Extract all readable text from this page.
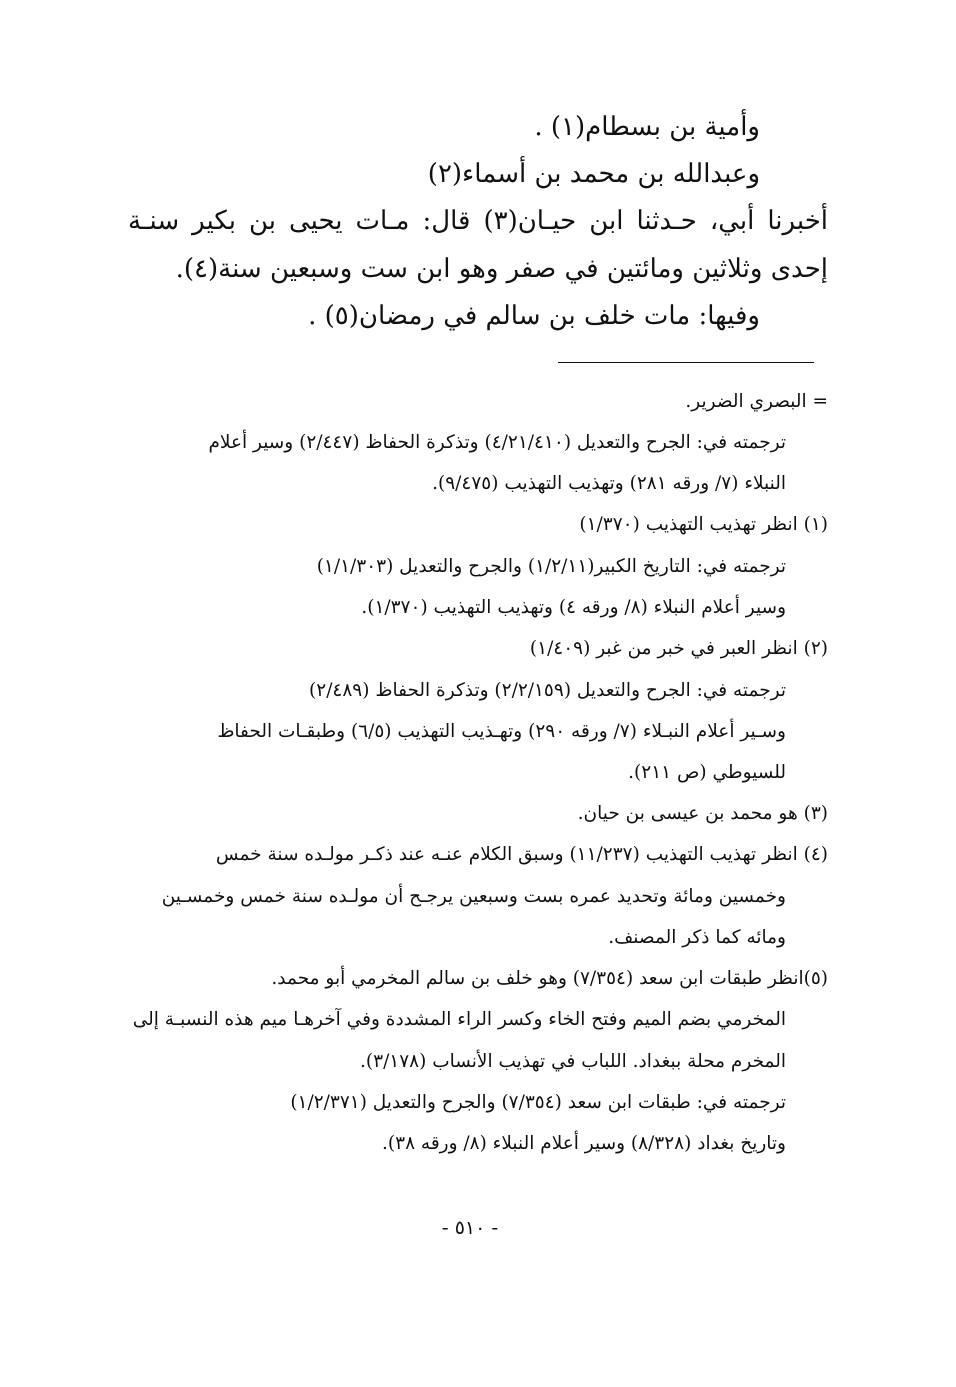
وأمية بن بسطام(١) .
وعبدالله بن محمد بن أسماء(٢)
أخبرنا أبي، حـدثنا ابن حيـان(٣) قال: مـات يحيى بن بكير سنـة
إحدى وثلاثين ومائتين في صفر وهو ابن ست وسبعين سنة(٤).
وفيها: مات خلف بن سالم في رمضان(٥) .
= البصري الضرير.
ترجمته في: الجرح والتعديل (٤/٢١/٤١٠) وتذكرة الحفاظ (٢/٤٤٧) وسير أعلام
النبلاء (٧/ ورقه ٢٨١) وتهذيب التهذيب (٩/٤٧٥).
(١) انظر تهذيب التهذيب (١/٣٧٠)
ترجمته في: التاريخ الكبير(١/٢/١١) والجرح والتعديل (١/١/٣٠٣)
وسير أعلام النبلاء (٨/ ورقه ٤) وتهذيب التهذيب (١/٣٧٠).
(٢) انظر العبر في خبر من غبر (١/٤٠٩)
ترجمته في: الجرح والتعديل (٢/٢/١٥٩) وتذكرة الحفاظ (٢/٤٨٩)
وسـير أعلام النبـلاء (٧/ ورقه ٢٩٠) وتهـذيب التهذيب (٦/٥) وطبقـات الحفاظ
للسيوطي (ص ٢١١).
(٣) هو محمد بن عيسى بن حيان.
(٤) انظر تهذيب التهذيب (١١/٢٣٧) وسبق الكلام عنـه عند ذكـر مولـده سنة خمس
وخمسين ومائة وتحديد عمره بست وسبعين يرجـح أن مولـده سنة خمس وخمسـين
ومائه كما ذكر المصنف.
(٥)انظر طبقات ابن سعد (٧/٣٥٤) وهو خلف بن سالم المخرمي أبو محمد.
المخرمي بضم الميم وفتح الخاء وكسر الراء المشددة وفي آخرهـا ميم هذه النسبـة إلى
المخرم محلة ببغداد. اللباب في تهذيب الأنساب (٣/١٧٨).
ترجمته في: طبقات ابن سعد (٧/٣٥٤) والجرح والتعديل (١/٢/٣٧١)
وتاريخ بغداد (٨/٣٢٨) وسير أعلام النبلاء (٨/ ورقه ٣٨).
- ٥١٠ -
